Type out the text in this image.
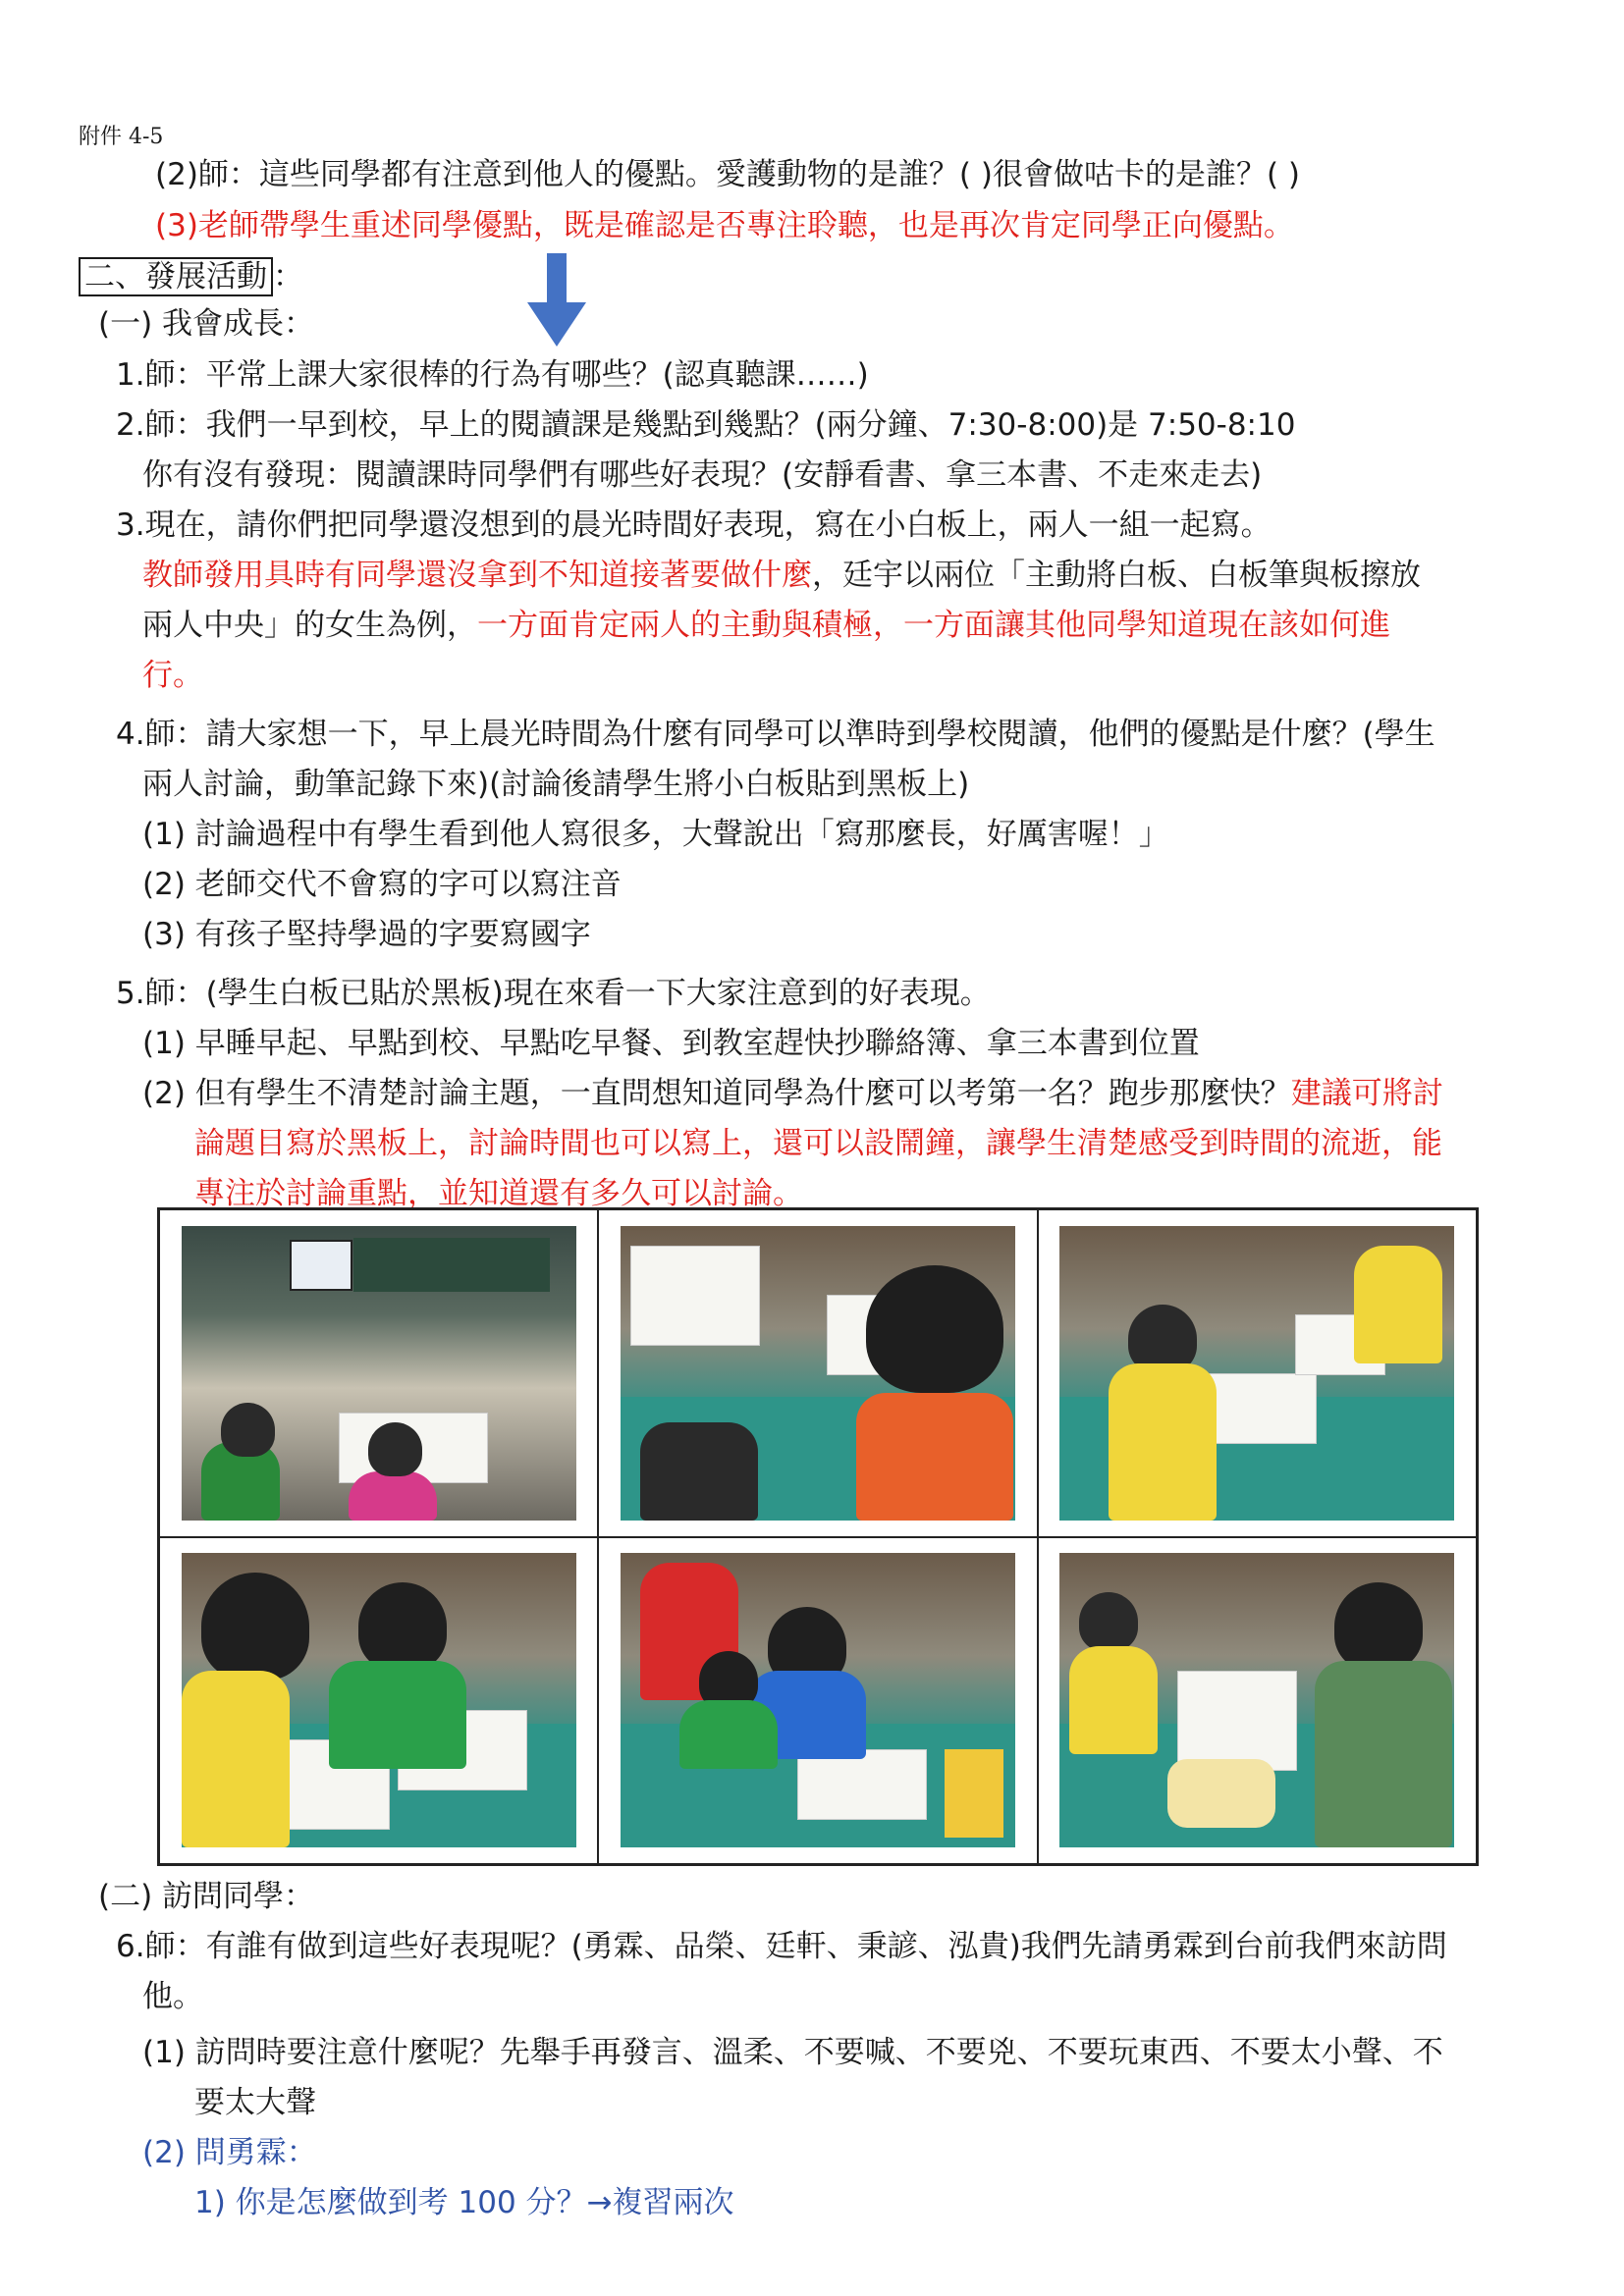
附件 4-5
(2)師：這些同學都有注意到他人的優點。愛護動物的是誰？( )很會做咕卡的是誰？( )
(3)老師帶學生重述同學優點，既是確認是否專注聆聽，也是再次肯定同學正向優點。
二、發展活動 ：
(一) 我會成長：
1.師：平常上課大家很棒的行為有哪些？(認真聽課……)
2.師：我們一早到校，早上的閱讀課是幾點到幾點？(兩分鐘、7:30-8:00)是 7:50-8:10
你有沒有發現：閱讀課時同學們有哪些好表現？(安靜看書、拿三本書、不走來走去)
3.現在，請你們把同學還沒想到的晨光時間好表現，寫在小白板上，兩人一組一起寫。
教師發用具時有同學還沒拿到不知道接著要做什麼，廷宇以兩位「主動將白板、白板筆與板擦放
兩人中央」的女生為例，一方面肯定兩人的主動與積極，一方面讓其他同學知道現在該如何進
行。
4.師：請大家想一下，早上晨光時間為什麼有同學可以準時到學校閱讀，他們的優點是什麼？(學生
兩人討論，動筆記錄下來)(討論後請學生將小白板貼到黑板上)
(1) 討論過程中有學生看到他人寫很多，大聲說出「寫那麼長，好厲害喔！」
(2) 老師交代不會寫的字可以寫注音
(3) 有孩子堅持學過的字要寫國字
5.師：(學生白板已貼於黑板)現在來看一下大家注意到的好表現。
(1) 早睡早起、早點到校、早點吃早餐、到教室趕快抄聯絡簿、拿三本書到位置
(2) 但有學生不清楚討論主題，一直問想知道同學為什麼可以考第一名？跑步那麼快？建議可將討
論題目寫於黑板上，討論時間也可以寫上，還可以設鬧鐘，讓學生清楚感受到時間的流逝，能
專注於討論重點，並知道還有多久可以討論。
(二) 訪問同學：
6.師：有誰有做到這些好表現呢？(勇霖、品榮、廷軒、秉諺、泓貴)我們先請勇霖到台前我們來訪問
他。
(1) 訪問時要注意什麼呢？先舉手再發言、溫柔、不要喊、不要兇、不要玩東西、不要太小聲、不
要太大聲
(2) 問勇霖：
1) 你是怎麼做到考 100 分？→複習兩次
